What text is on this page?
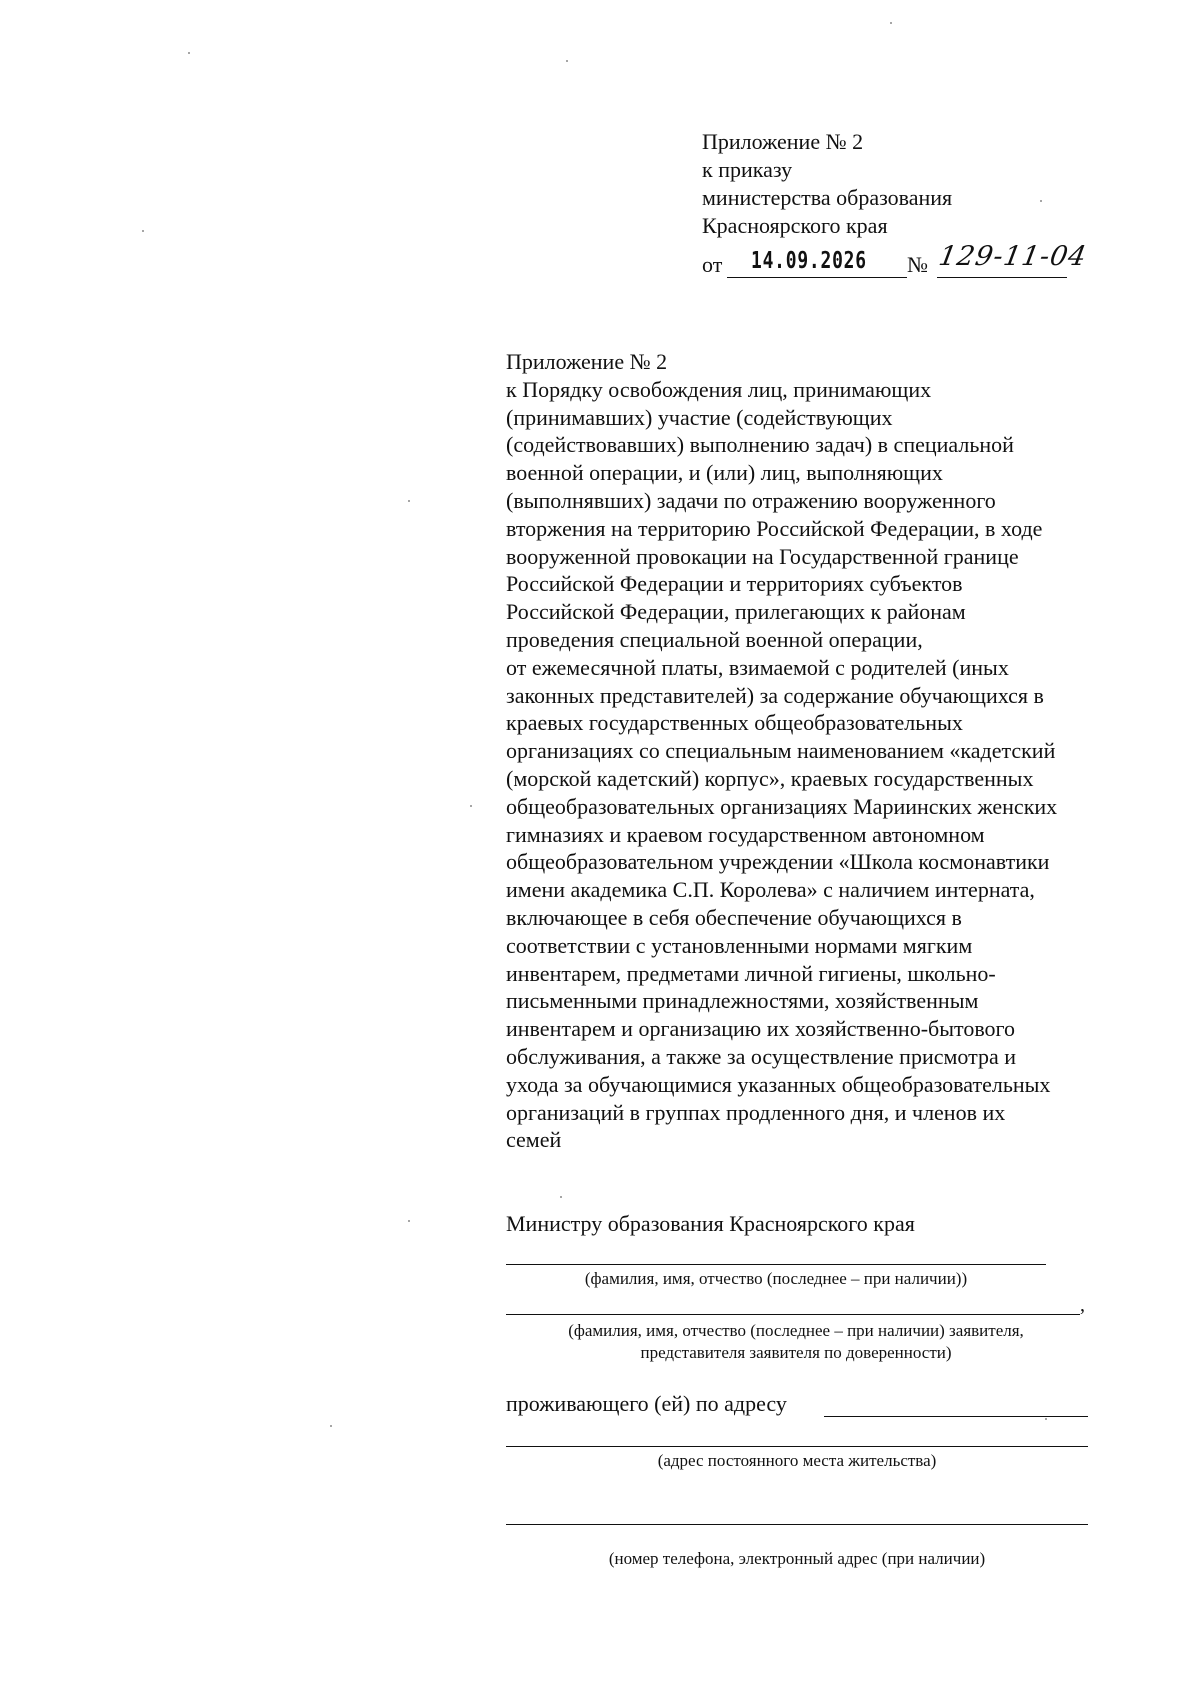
Приложение № 2
к приказу
министерства образования
Красноярского края
от 14.09.2026 № 129-11-04
Приложение № 2
к Порядку освобождения лиц, принимающих
(принимавших) участие (содействующих
(содействовавших) выполнению задач) в специальной
военной операции, и (или) лиц, выполняющих
(выполнявших) задачи по отражению вооруженного
вторжения на территорию Российской Федерации, в ходе
вооруженной провокации на Государственной границе
Российской Федерации и территориях субъектов
Российской Федерации, прилегающих к районам
проведения специальной военной операции,
от ежемесячной платы, взимаемой с родителей (иных
законных представителей) за содержание обучающихся в
краевых государственных общеобразовательных
организациях со специальным наименованием «кадетский
(морской кадетский) корпус», краевых государственных
общеобразовательных организациях Мариинских женских
гимназиях и краевом государственном автономном
общеобразовательном учреждении «Школа космонавтики
имени академика С.П. Королева» с наличием интерната,
включающее в себя обеспечение обучающихся в
соответствии с установленными нормами мягким
инвентарем, предметами личной гигиены, школьно-
письменными принадлежностями, хозяйственным
инвентарем и организацию их хозяйственно-бытового
обслуживания, а также за осуществление присмотра и
ухода за обучающимися указанных общеобразовательных
организаций в группах продленного дня, и членов их
семей
Министру образования Красноярского края
(фамилия, имя, отчество (последнее – при наличии))
,
(фамилия, имя, отчество (последнее – при наличии) заявителя,
представителя заявителя по доверенности)
проживающего (ей) по адресу
(адрес постоянного места жительства)
(номер телефона, электронный адрес (при наличии)
